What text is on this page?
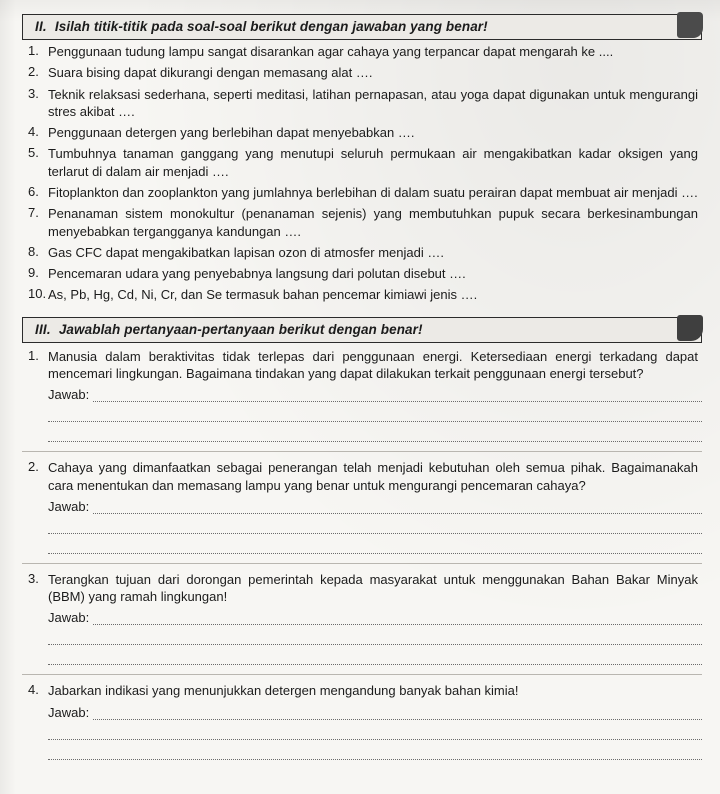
II. Isilah titik-titik pada soal-soal berikut dengan jawaban yang benar!
1. Penggunaan tudung lampu sangat disarankan agar cahaya yang terpancar dapat mengarah ke ....
2. Suara bising dapat dikurangi dengan memasang alat ….
3. Teknik relaksasi sederhana, seperti meditasi, latihan pernapasan, atau yoga dapat digunakan untuk mengurangi stres akibat ….
4. Penggunaan detergen yang berlebihan dapat menyebabkan ….
5. Tumbuhnya tanaman ganggang yang menutupi seluruh permukaan air mengakibatkan kadar oksigen yang terlarut di dalam air menjadi ….
6. Fitoplankton dan zooplankton yang jumlahnya berlebihan di dalam suatu perairan dapat membuat air menjadi ….
7. Penanaman sistem monokultur (penanaman sejenis) yang membutuhkan pupuk secara berkesinambungan menyebabkan tergangganya kandungan ….
8. Gas CFC dapat mengakibatkan lapisan ozon di atmosfer menjadi ….
9. Pencemaran udara yang penyebabnya langsung dari polutan disebut ….
10. As, Pb, Hg, Cd, Ni, Cr, dan Se termasuk bahan pencemar kimiawi jenis ….
III. Jawablah pertanyaan-pertanyaan berikut dengan benar!
1. Manusia dalam beraktivitas tidak terlepas dari penggunaan energi. Ketersediaan energi terkadang dapat mencemari lingkungan. Bagaimana tindakan yang dapat dilakukan terkait penggunaan energi tersebut?
Jawab:
2. Cahaya yang dimanfaatkan sebagai penerangan telah menjadi kebutuhan oleh semua pihak. Bagaimanakah cara menentukan dan memasang lampu yang benar untuk mengurangi pencemaran cahaya?
Jawab:
3. Terangkan tujuan dari dorongan pemerintah kepada masyarakat untuk menggunakan Bahan Bakar Minyak (BBM) yang ramah lingkungan!
Jawab:
4. Jabarkan indikasi yang menunjukkan detergen mengandung banyak bahan kimia!
Jawab:
